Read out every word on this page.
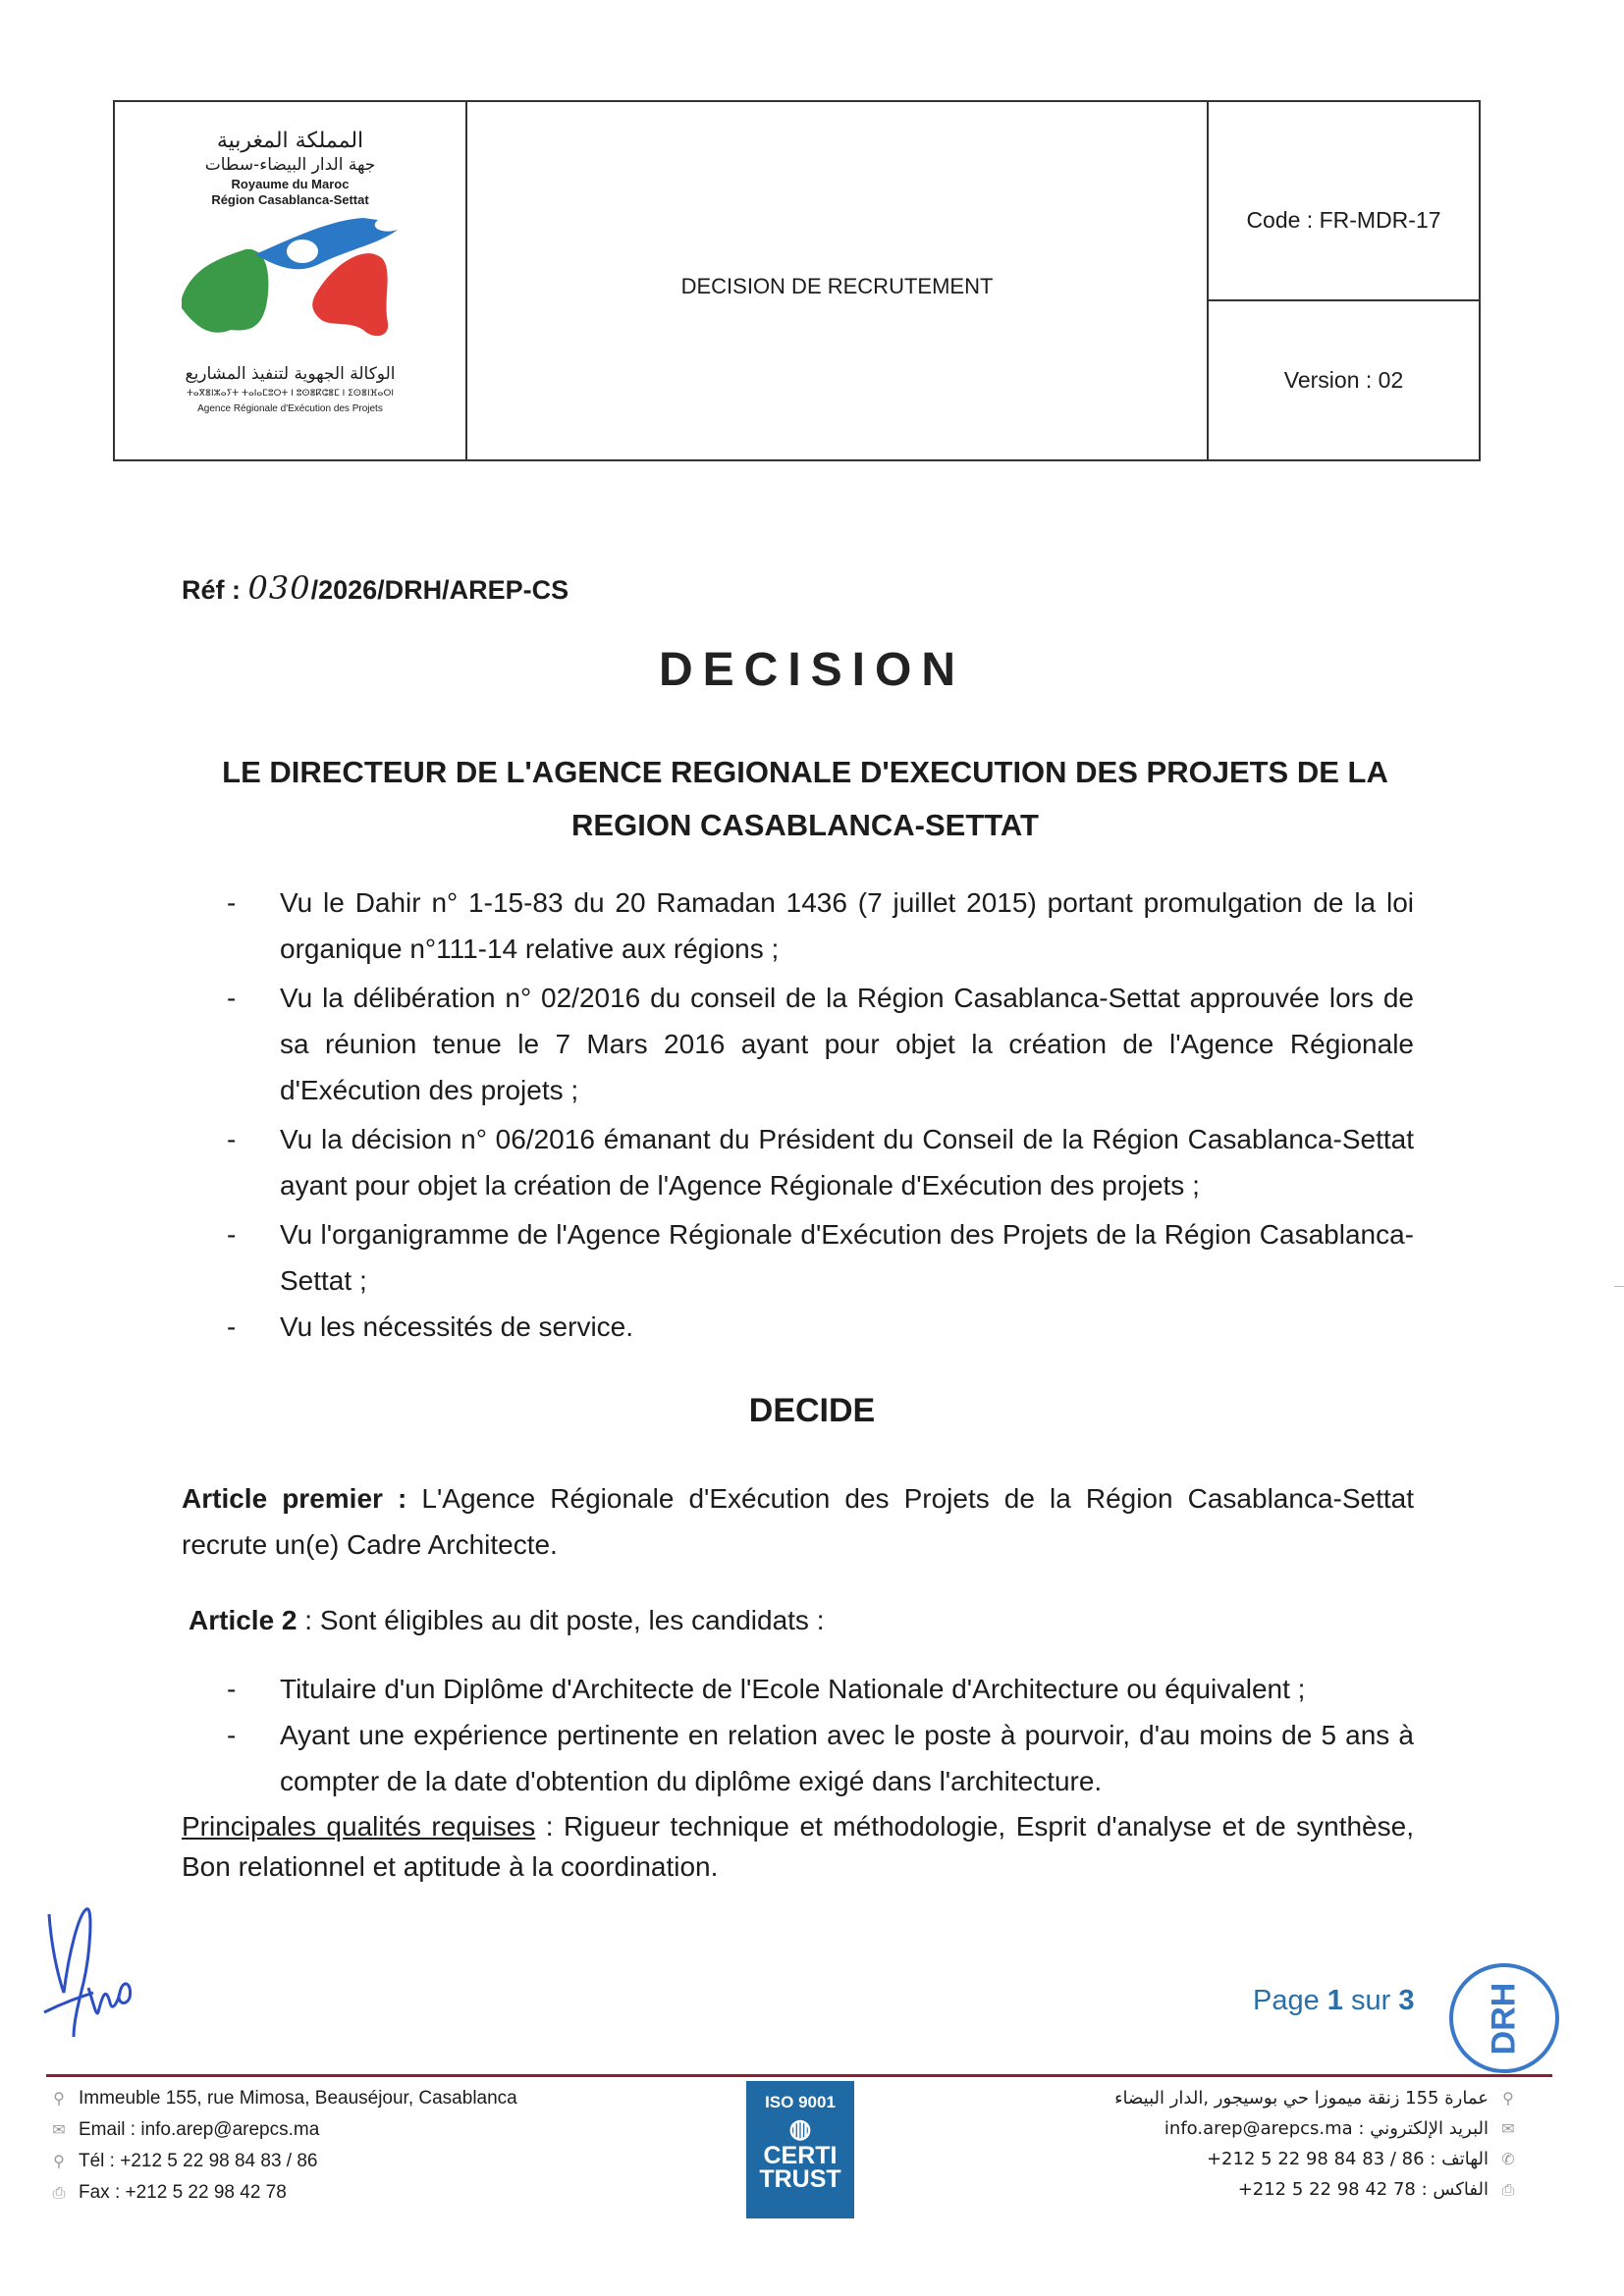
المملكة المغربية
جهة الدار البيضاء-سطات
Royaume du Maroc
Région Casablanca-Settat
الوكالة الجهوية لتنفيذ المشاريع
ⵜⴰⴳⴻⵏⵣⴰⵢⵜ ⵜⴰⵏⴰⵎⵓⵔⵜ ⵏ ⵓⵙⴻⴽⵛⴻⵎ ⵏ ⵉⵙⴻⵏⴼⴰⵔⵏ
Agence Régionale d'Exécution des Projets
DECISION DE RECRUTEMENT
Code : FR-MDR-17
Version : 02
Réf : 030/2026/DRH/AREP-CS
DECISION
LE DIRECTEUR DE L'AGENCE REGIONALE D'EXECUTION DES PROJETS DE LA
REGION CASABLANCA-SETTAT
-	Vu le Dahir n° 1-15-83 du 20 Ramadan 1436 (7 juillet 2015) portant promulgation de la loi organique n°111-14 relative aux régions ;
-	Vu la délibération n° 02/2016 du conseil de la Région Casablanca-Settat approuvée lors de sa réunion tenue le 7 Mars 2016 ayant pour objet la création de l'Agence Régionale d'Exécution des projets ;
-	Vu la décision n° 06/2016 émanant du Président du Conseil de la Région Casablanca-Settat ayant pour objet la création de l'Agence Régionale d'Exécution des projets ;
-	Vu l'organigramme de l'Agence Régionale d'Exécution des Projets de la Région Casablanca-Settat ;
-	Vu les nécessités de service.
DECIDE
Article premier : L'Agence Régionale d'Exécution des Projets de la Région Casablanca-Settat recrute un(e) Cadre Architecte.
Article 2 : Sont éligibles au dit poste, les candidats :
-	Titulaire d'un Diplôme d'Architecte de l'Ecole Nationale d'Architecture ou équivalent ;
-	Ayant une expérience pertinente en relation avec le poste à pourvoir, d'au moins de 5 ans à compter de la date d'obtention du diplôme exigé dans l'architecture.
Principales qualités requises : Rigueur technique et méthodologie, Esprit d'analyse et de synthèse, Bon relationnel et aptitude à la coordination.
Page 1 sur 3 DRH
⚲ Immeuble 155, rue Mimosa, Beauséjour, Casablanca
✉ Email : info.arep@arepcs.ma
⚲ Tél : +212 5 22 98 84 83 / 86
⎙ Fax : +212 5 22 98 42 78
ISO 9001
◍
CERTI
TRUST
عمارة 155 زنقة ميموزا حي بوسيجور ,الدار البيضاء ⚲
البريد الإلكتروني : info.arep@arepcs.ma ✉
الهاتف : 86 / 83 84 98 22 5 212+ ✆
الفاكس : 78 42 98 22 5 212+ ⎙
